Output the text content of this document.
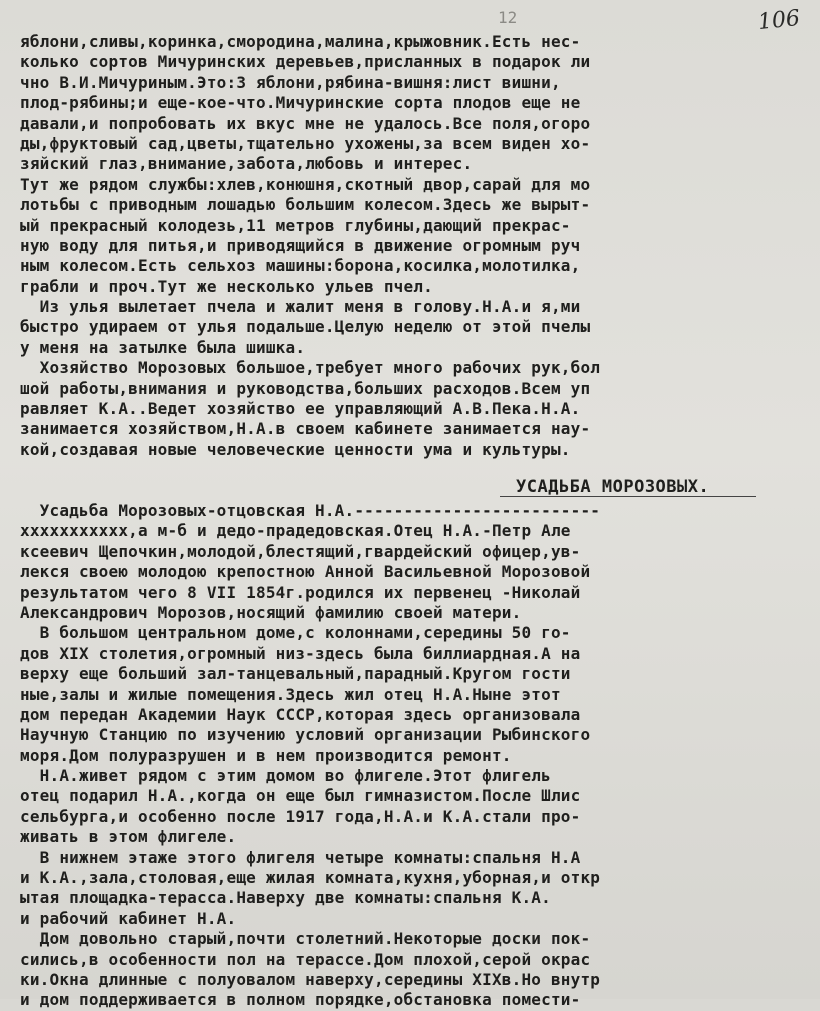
12	106
УСАДЬБА МОРОЗОВЫХ.
яблони,сливы,коринка,смородина,малина,крыжовник.Есть нес-
колько сортов Мичуринских деревьев,присланных в подарок ли
чно В.И.Мичуриным.Это:3 яблони,рябина-вишня:лист вишни,
плод-рябины;и еще-кое-что.Мичуринские сорта плодов еще не
давали,и попробовать их вкус мне не удалось.Все поля,огоро
ды,фруктовый сад,цветы,тщательно ухожены,за всем виден хо-
зяйский глаз,внимание,забота,любовь и интерес.
Тут же рядом службы:хлев,конюшня,скотный двор,сарай для мо
лотьбы с приводным лошадью большим колесом.Здесь же вырыт-
ый прекрасный колодезь,11 метров глубины,дающий прекрас-
ную воду для питья,и приводящийся в движение огромным руч
ным колесом.Есть сельхоз машины:борона,косилка,молотилка,
грабли и проч.Тут же несколько ульев пчел.
Из улья вылетает пчела и жалит меня в голову.Н.А.и я,ми
быстро удираем от улья подальше.Целую неделю от этой пчелы
у меня на затылке была шишка.
Хозяйство Морозовых большое,требует много рабочих рук,бол
шой работы,внимания и руководства,больших расходов.Всем уп
равляет К.А..Ведет хозяйство ее управляющий А.В.Пека.Н.А.
занимается хозяйством,Н.А.в своем кабинете занимается нау-
кой,создавая новые человеческие ценности ума и культуры.
Усадьба Морозовых-отцовская Н.А.-------------------------
ххххххххххх,а м-б и дедо-прадедовская.Отец Н.А.-Петр Але
ксеевич Щепочкин,молодой,блестящий,гвардейский офицер,ув-
лекся своею молодою крепостною Анной Васильевной Морозовой
результатом чего 8 VII 1854г.родился их первенец -Николай
Александрович Морозов,носящий фамилию своей матери.
В большом центральном доме,с колоннами,середины 50 го-
дов XIX столетия,огромный низ-здесь была биллиардная.А на
верху еще больший зал-танцевальный,парадный.Кругом гости
ные,залы и жилые помещения.Здесь жил отец Н.А.Ныне этот
дом передан Академии Наук СССР,которая здесь организовала
Научную Станцию по изучению условий организации Рыбинского
моря.Дом полуразрушен и в нем производится ремонт.
Н.А.живет рядом с этим домом во флигеле.Этот флигель
отец подарил Н.А.,когда он еще был гимназистом.После Шлис
сельбурга,и особенно после 1917 года,Н.А.и К.А.стали про-
живать в этом флигеле.
В нижнем этаже этого флигеля четыре комнаты:спальня Н.А
и К.А.,зала,столовая,еще жилая комната,кухня,уборная,и откр
ытая площадка-терасса.Наверху две комнаты:спальня К.А.
и рабочий кабинет Н.А.
Дом довольно старый,почти столетний.Некоторые доски пок-
сились,в особенности пол на терассе.Дом плохой,серой окрас
ки.Окна длинные с полуовалом наверху,середины XIXв.Но внутр
и дом поддерживается в полном порядке,обстановка помести-
